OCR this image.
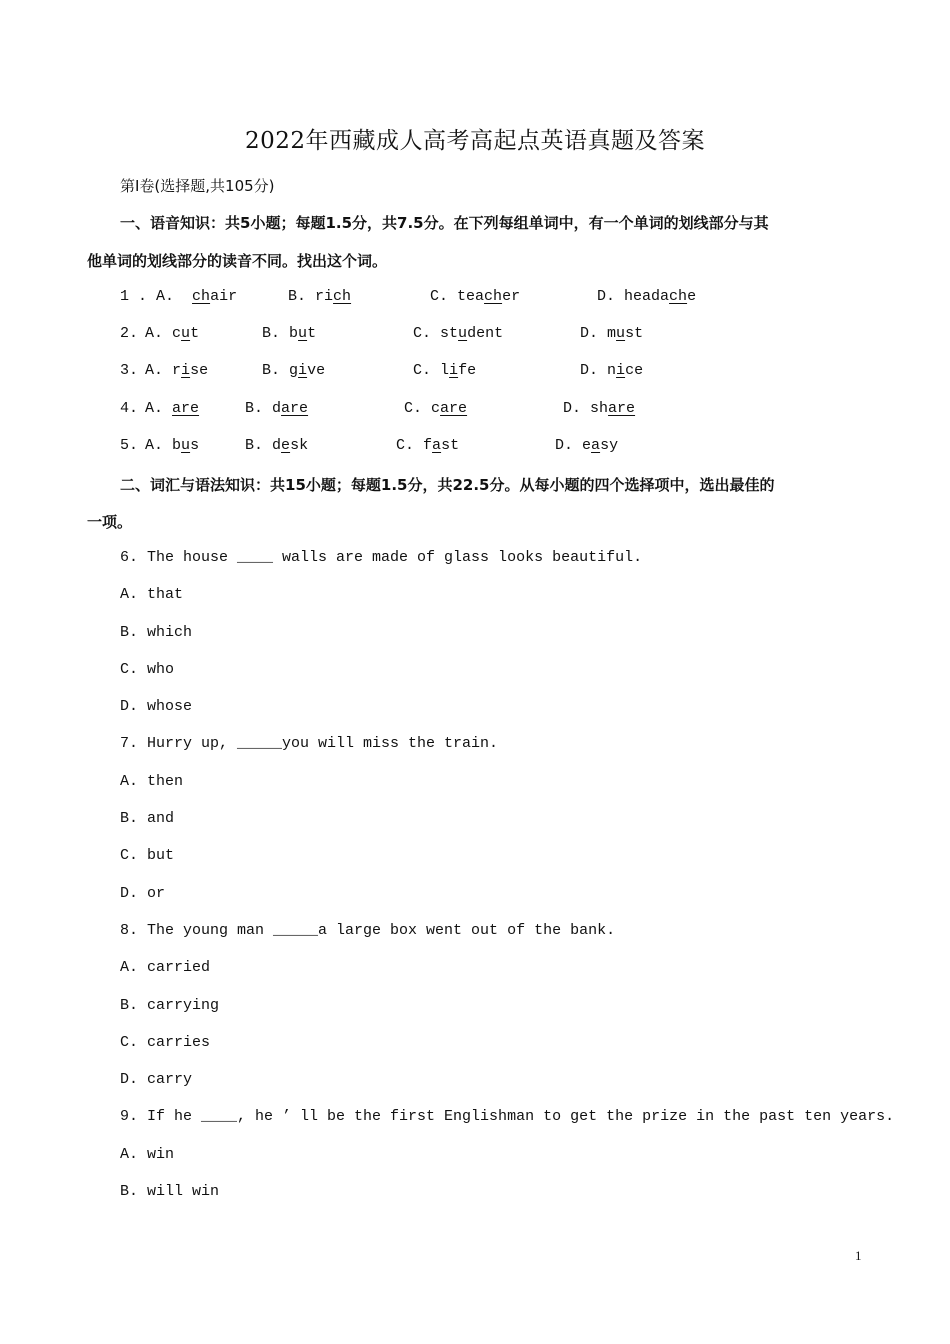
2022年西藏成人高考高起点英语真题及答案
第Ⅰ卷(选择题,共105分)
一、语音知识：共5小题；每题1.5分，共7.5分。在下列每组单词中，有一个单词的划线部分与其
他单词的划线部分的读音不同。找出这个词。
1 . A. chair	B. rich	C. teacher	D. headache
2. A. cut	B. but	C. student	D. must
3. A. rise	B. give	C. life	D. nice
4. A. are	B. dare	C. care	D. share
5. A. bus	B. desk	C. fast	D. easy
二、词汇与语法知识：共15小题；每题1.5分，共22.5分。从每小题的四个选择项中，选出最佳的
一项。
6. The house ____ walls are made of glass looks beautiful.
A. that
B. which
C. who
D. whose
7. Hurry up, _____you will miss the train.
A. then
B. and
C. but
D. or
8. The young man _____a large box went out of the bank.
A. carried
B. carrying
C. carries
D. carry
9. If he ____, he ’ ll be the first Englishman to get the prize in the past ten years.
A. win
B. will win
1
